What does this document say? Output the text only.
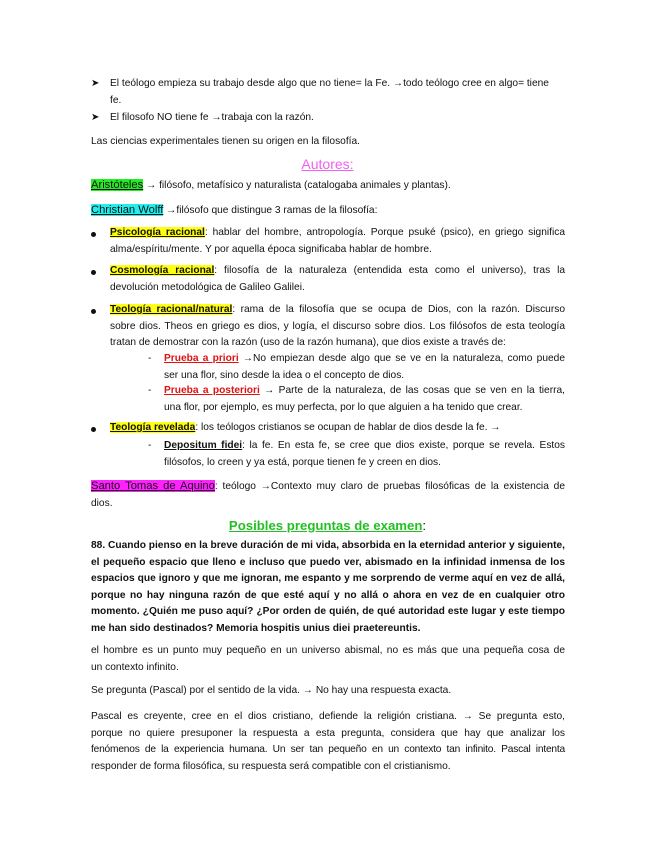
➤ El teólogo empieza su trabajo desde algo que no tiene= la Fe. →todo teólogo cree en algo= tiene
fe.
➤ El filosofo NO tiene fe →trabaja con la razón.
Las ciencias experimentales tienen su origen en la filosofía.
Autores:
Aristóteles → filósofo, metafísico y naturalista (catalogaba animales y plantas).
Christian Wolff →filósofo que distingue 3 ramas de la filosofía:
Psicología racional: hablar del hombre, antropología. Porque psuké (psico), en griego significa
alma/espíritu/mente. Y por aquella época significaba hablar de hombre.
Cosmología racional: filosofía de la naturaleza (entendida esta como el universo), tras la
devolución metodológica de Galileo Galilei.
Teología racional/natural: rama de la filosofía que se ocupa de Dios, con la razón. Discurso
sobre dios. Theos en griego es dios, y logía, el discurso sobre dios. Los filósofos de esta teología
tratan de demostrar con la razón (uso de la razón humana), que dios existe a través de:
- Prueba a priori →No empiezan desde algo que se ve en la naturaleza, como puede
ser una flor, sino desde la idea o el concepto de dios.
- Prueba a posteriori → Parte de la naturaleza, de las cosas que se ven en la tierra,
una flor, por ejemplo, es muy perfecta, por lo que alguien a ha tenido que crear.
Teología revelada: los teólogos cristianos se ocupan de hablar de dios desde la fe. →
- Depositum fidei: la fe. En esta fe, se cree que dios existe, porque se revela. Estos
filósofos, lo creen y ya está, porque tienen fe y creen en dios.
Santo Tomas de Aquino: teólogo →Contexto muy claro de pruebas filosóficas de la existencia de
dios.
Posibles preguntas de examen:
88. Cuando pienso en la breve duración de mi vida, absorbida en la eternidad anterior y siguiente,
el pequeño espacio que lleno e incluso que puedo ver, abismado en la infinidad inmensa de los
espacios que ignoro y que me ignoran, me espanto y me sorprendo de verme aquí en vez de allá,
porque no hay ninguna razón de que esté aquí y no allá o ahora en vez de en cualquier otro
momento. ¿Quién me puso aquí? ¿Por orden de quién, de qué autoridad este lugar y este tiempo
me han sido destinados? Memoria hospitis unius diei praetereuntis.
el hombre es un punto muy pequeño en un universo abismal, no es más que una pequeña cosa de
un contexto infinito.
Se pregunta (Pascal) por el sentido de la vida. → No hay una respuesta exacta.
Pascal es creyente, cree en el dios cristiano, defiende la religión cristiana. → Se pregunta esto,
porque no quiere presuponer la respuesta a esta pregunta, considera que hay que analizar los
fenómenos de la experiencia humana. Un ser tan pequeño en un contexto tan infinito. Pascal intenta
responder de forma filosófica, su respuesta será compatible con el cristianismo.
